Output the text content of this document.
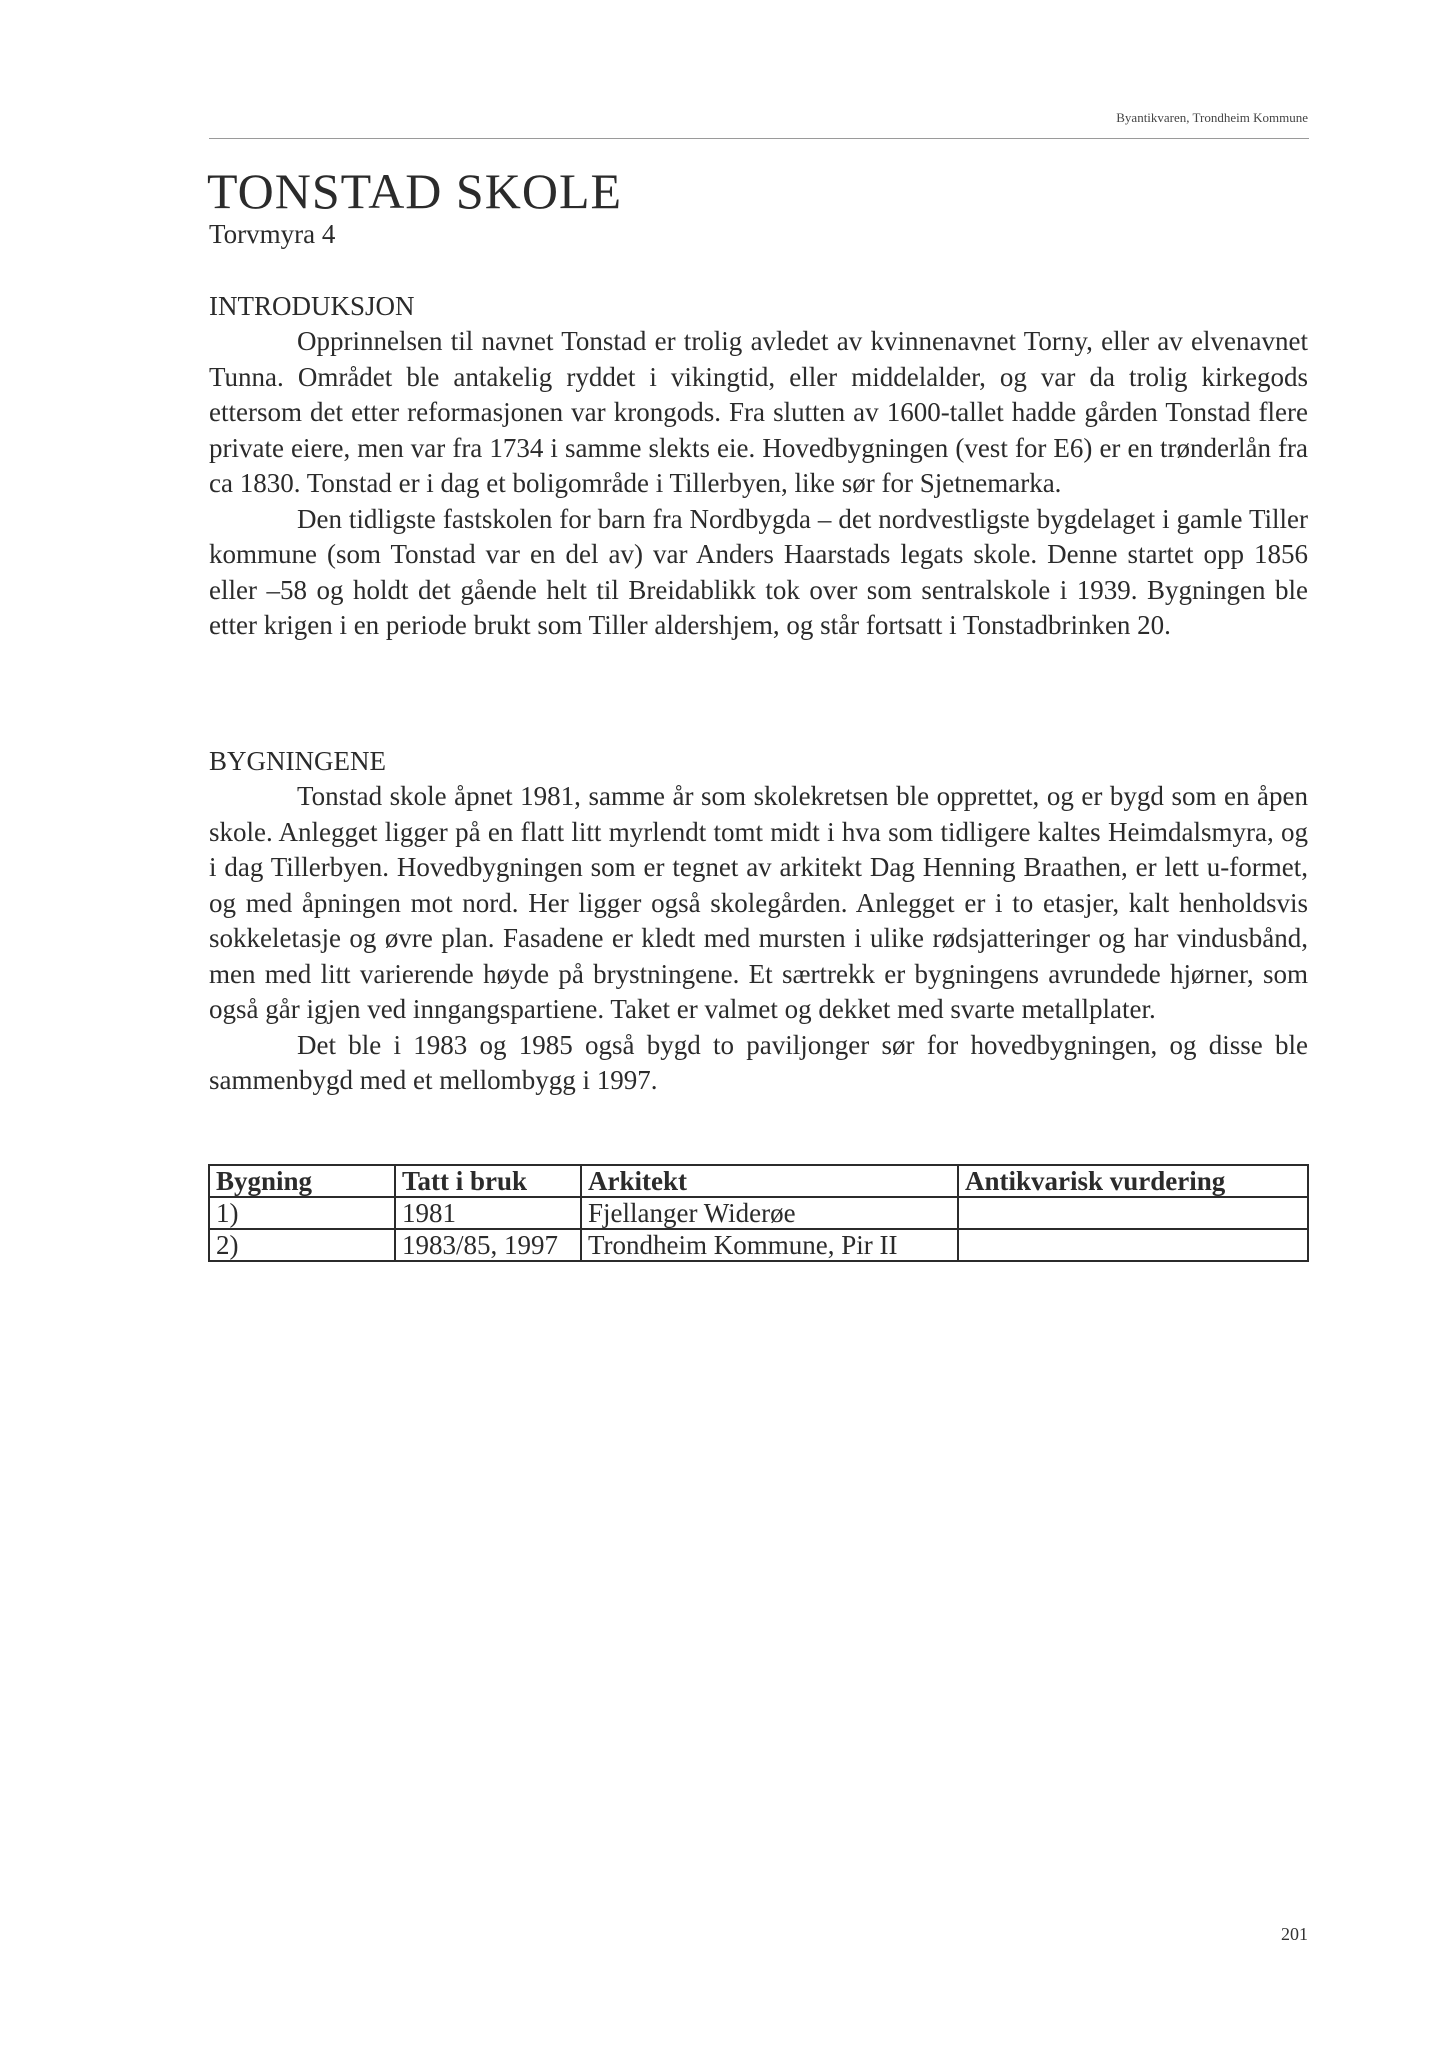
Byantikvaren, Trondheim Kommune
TONSTAD SKOLE
Torvmyra 4
INTRODUKSJON

Opprinnelsen til navnet Tonstad er trolig avledet av kvinnenavnet Torny, eller av elvenavnet Tunna. Området ble antakelig ryddet i vikingtid, eller middelalder, og var da trolig kirkegods ettersom det etter reformasjonen var krongods. Fra slutten av 1600-tallet hadde gården Tonstad flere private eiere, men var fra 1734 i samme slekts eie. Hovedbygningen (vest for E6) er en trønderlån fra ca 1830. Tonstad er i dag et boligområde i Tillerbyen, like sør for Sjetnemarka.

Den tidligste fastskolen for barn fra Nordbygda – det nordvestligste bygdelaget i gamle Tiller kommune (som Tonstad var en del av) var Anders Haarstads legats skole. Denne startet opp 1856 eller –58 og holdt det gående helt til Breidablikk tok over som sentralskole i 1939. Bygningen ble etter krigen i en periode brukt som Tiller aldershjem, og står fortsatt i Tonstadbrinken 20.

BYGNINGENE

Tonstad skole åpnet 1981, samme år som skolekretsen ble opprettet, og er bygd som en åpen skole. Anlegget ligger på en flatt litt myrlendt tomt midt i hva som tidligere kaltes Heimdalsmyra, og i dag Tillerbyen. Hovedbygningen som er tegnet av arkitekt Dag Henning Braathen, er lett u-formet, og med åpningen mot nord. Her ligger også skolegården. Anlegget er i to etasjer, kalt henholdsvis sokkeletasje og øvre plan. Fasadene er kledt med mursten i ulike rødsjatteringer og har vindusbånd, men med litt varierende høyde på brystningene. Et særtrekk er bygningens avrundede hjørner, som også går igjen ved inngangspartiene. Taket er valmet og dekket med svarte metallplater.

Det ble i 1983 og 1985 også bygd to paviljonger sør for hovedbygningen, og disse ble sammenbygd med et mellombygg i 1997.

Bygning	Tatt i bruk	Arkitekt	Antikvarisk vurdering
1)	1981	Fjellanger Widerøe	
2)	1983/85, 1997	Trondheim Kommune, Pir II	
201
